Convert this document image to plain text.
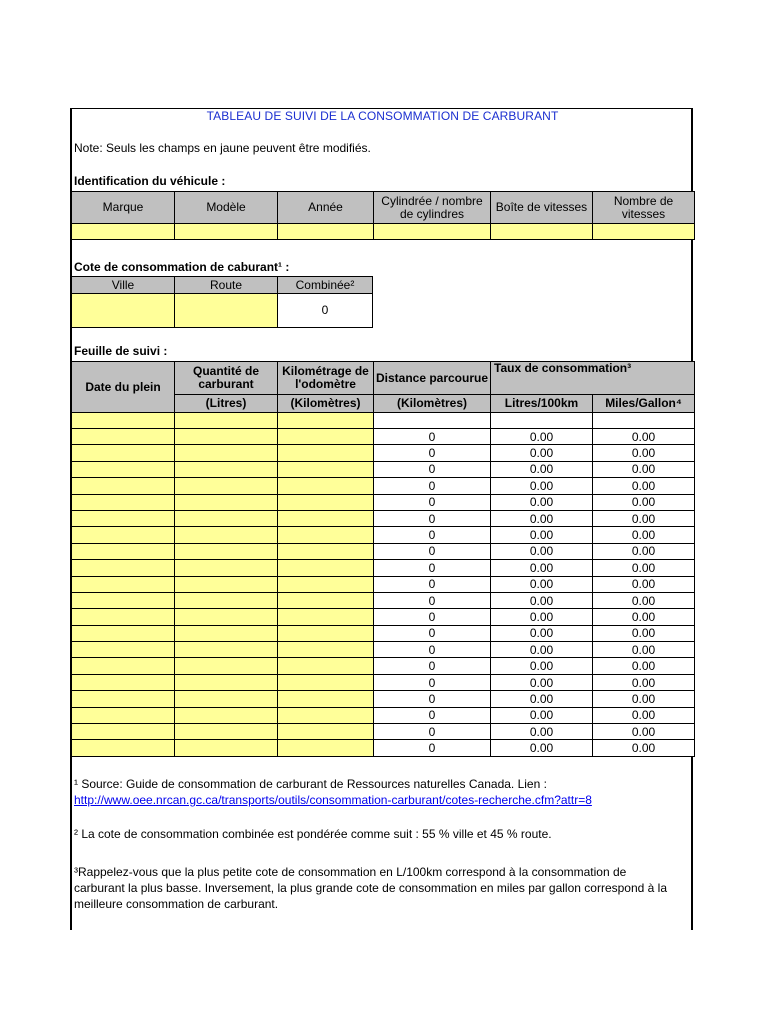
TABLEAU DE SUIVI DE LA CONSOMMATION DE CARBURANT
Note: Seuls les champs en jaune peuvent être modifiés.
Identification du véhicule :
Marque	Modèle	Année	Cylindrée / nombre de cylindres	Boîte de vitesses	Nombre de vitesses

Cote de consommation de caburant¹ :
Ville	Route	Combinée²
		0
Feuille de suivi :
Date du plein	Quantité de carburant	Kilométrage de l'odomètre	Distance parcourue	Taux de consommation³	
	(Litres)	(Kilomètres)	(Kilomètres)	Litres/100km	Miles/Gallon⁴

			0	0.00	0.00
			0	0.00	0.00
			0	0.00	0.00
			0	0.00	0.00
			0	0.00	0.00
			0	0.00	0.00
			0	0.00	0.00
			0	0.00	0.00
			0	0.00	0.00
			0	0.00	0.00
			0	0.00	0.00
			0	0.00	0.00
			0	0.00	0.00
			0	0.00	0.00
			0	0.00	0.00
			0	0.00	0.00
			0	0.00	0.00
			0	0.00	0.00
			0	0.00	0.00
			0	0.00	0.00
¹ Source: Guide de consommation de carburant de Ressources naturelles Canada. Lien :
http://www.oee.nrcan.gc.ca/transports/outils/consommation-carburant/cotes-recherche.cfm?attr=8
² La cote de consommation combinée est pondérée comme suit : 55 % ville et 45 % route.
³Rappelez-vous que la plus petite cote de consommation en L/100km correspond à la consommation de carburant la plus basse. Inversement, la plus grande cote de consommation en miles par gallon correspond à la meilleure consommation de carburant.
